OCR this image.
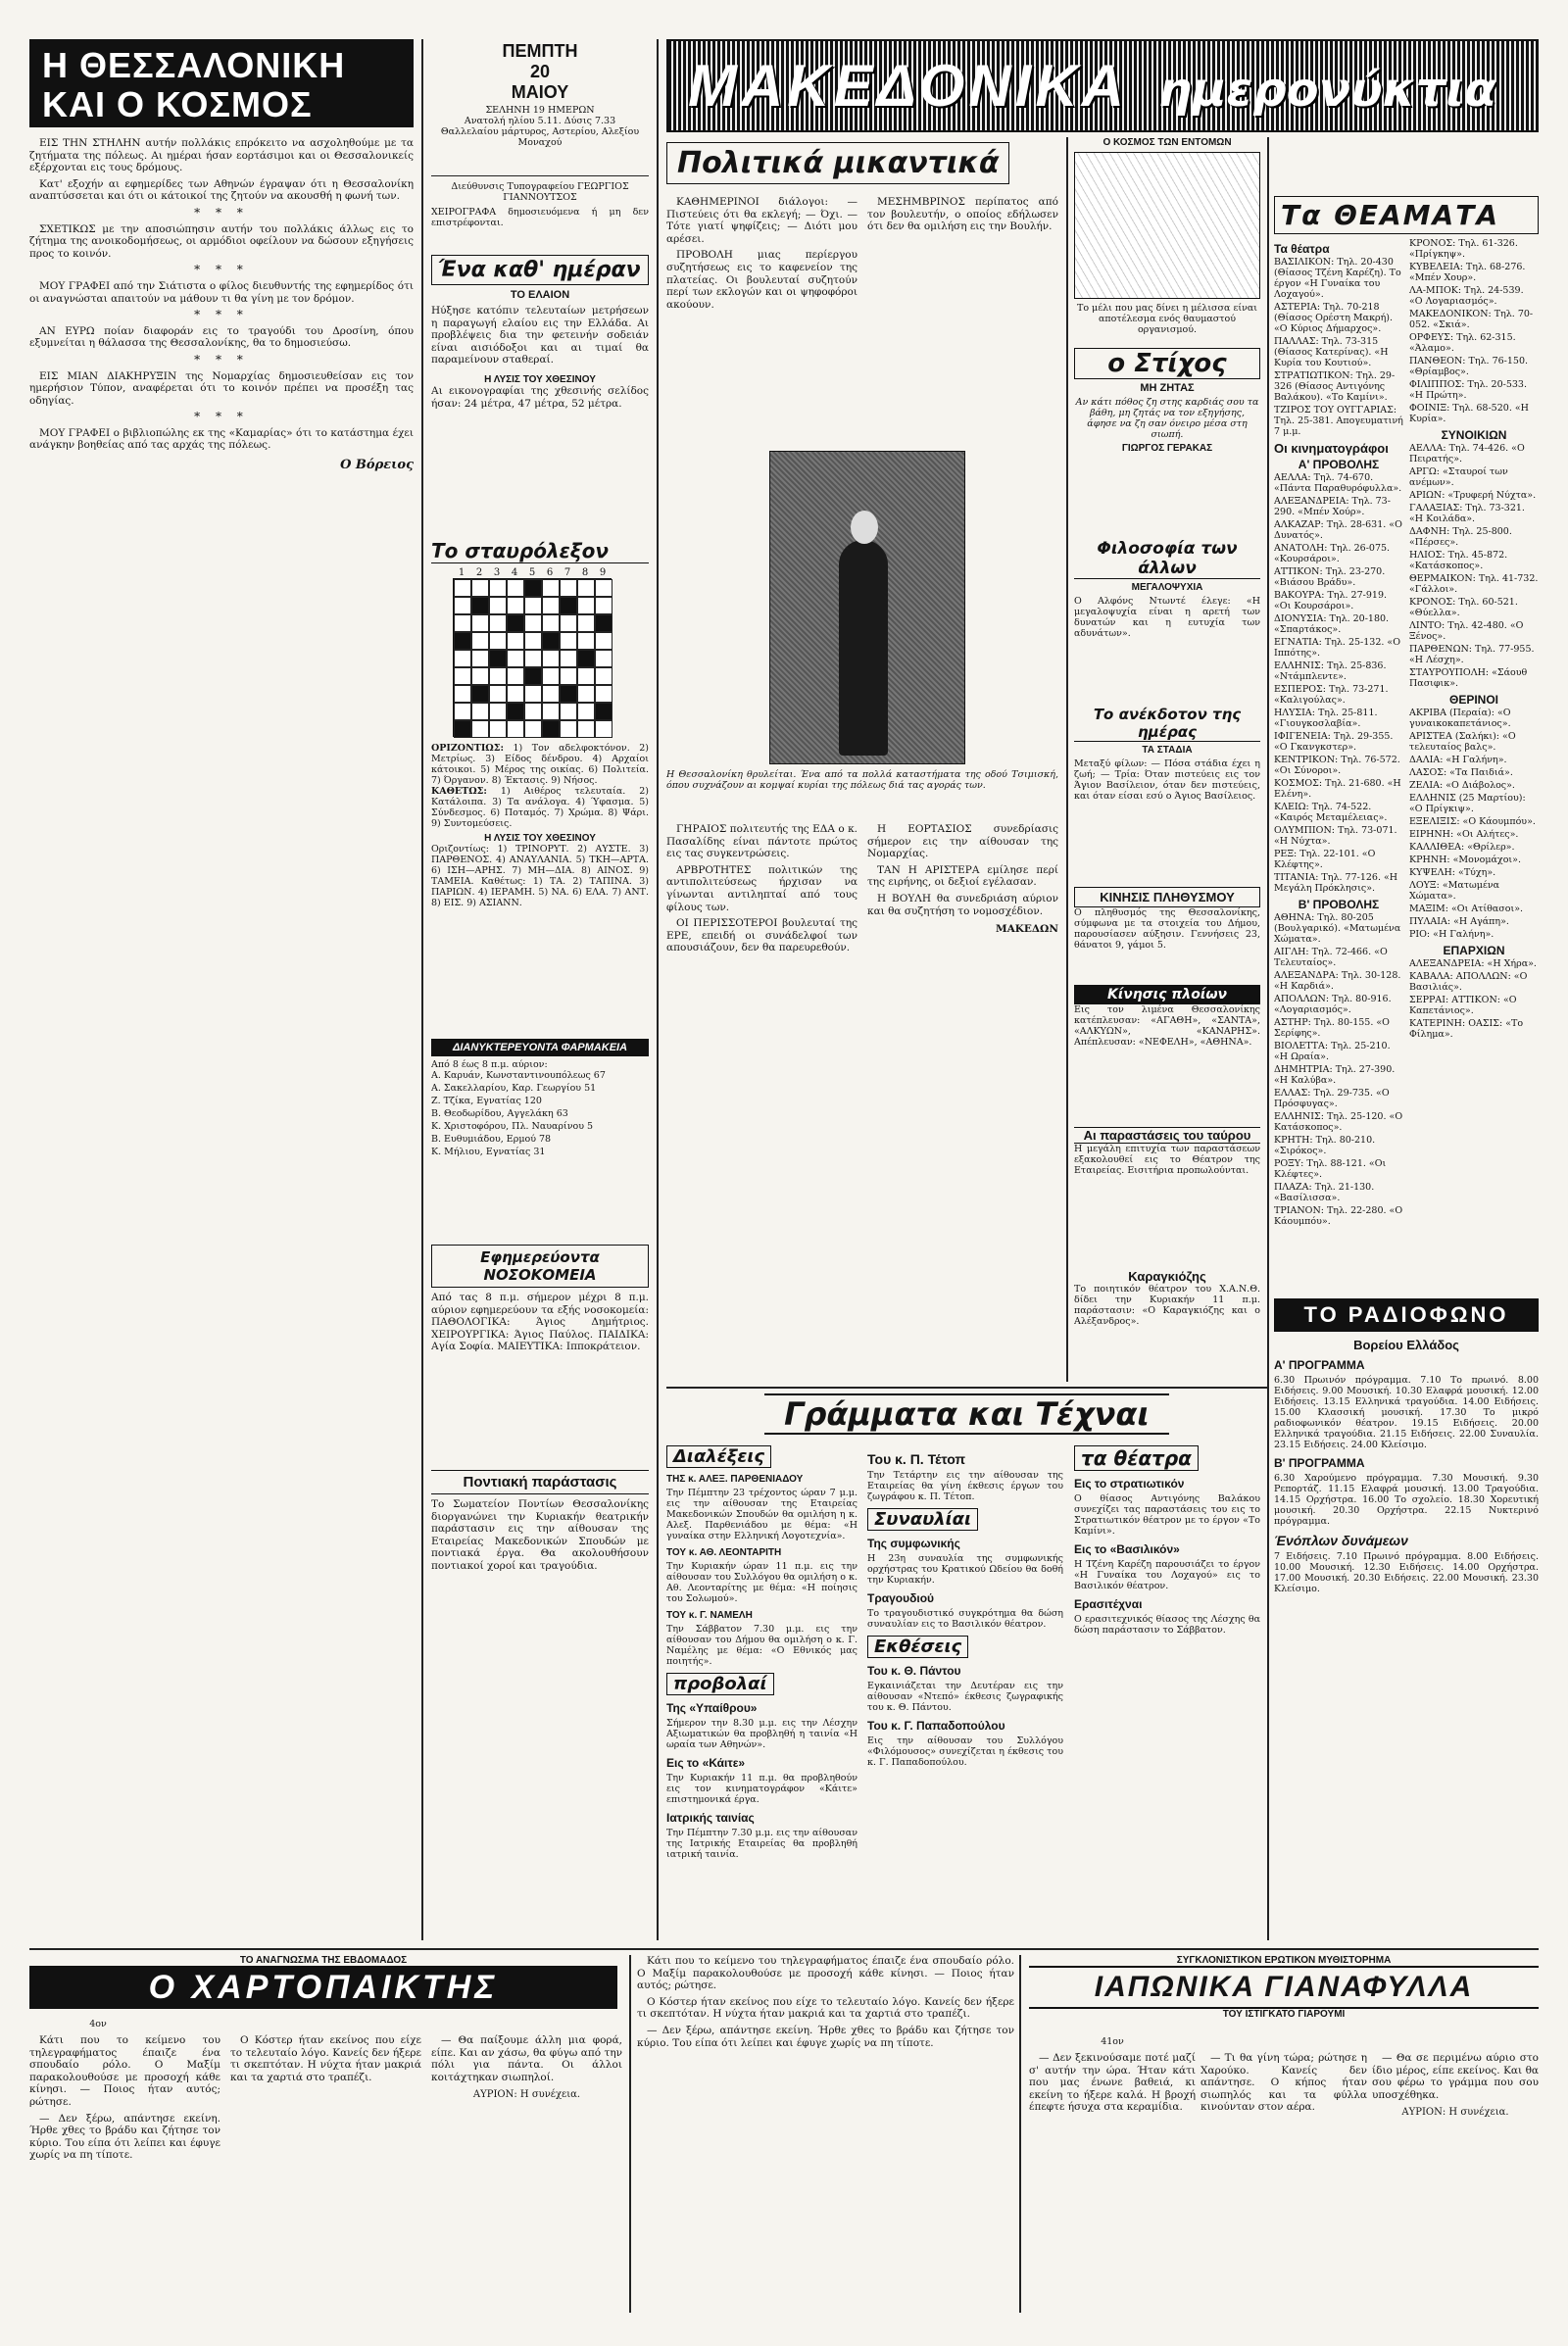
Η ΘΕΣΣΑΛΟΝΙΚΗ
ΚΑΙ Ο ΚΟΣΜΟΣ

ΕΙΣ ΤΗΝ ΣΤΗΛΗΝ αυτήν πολλάκις επρόκειτο να ασχοληθούμε με τα ζητήματα της πόλεως. Αι ημέραι ήσαν εορτάσιμοι και οι Θεσσαλονικείς εξέρχονται εις τους δρόμους.

Κατ' εξοχήν αι εφημερίδες των Αθηνών έγραψαν ότι η Θεσσαλονίκη αναπτύσσεται και ότι οι κάτοικοί της ζητούν να ακουσθή η φωνή των.

* * *

ΣΧΕΤΙΚΩΣ με την αποσιώπησιν αυτήν του πολλάκις άλλως εις το ζήτημα της ανοικοδομήσεως, οι αρμόδιοι οφείλουν να δώσουν εξηγήσεις προς το κοινόν.

* * *

ΜΟΥ ΓΡΑΦΕΙ από την Σιάτιστα ο φίλος διευθυντής της εφημερίδος ότι οι αναγνώσται απαιτούν να μάθουν τι θα γίνη με τον δρόμον.

* * *

ΑΝ ΕΥΡΩ ποίαν διαφοράν εις το τραγούδι του Δροσίνη, όπου εξυμνείται η θάλασσα της Θεσσαλονίκης, θα το δημοσιεύσω.

* * *

ΕΙΣ ΜΙΑΝ ΔΙΑΚΗΡΥΞΙΝ της Νομαρχίας δημοσιευθείσαν εις τον ημερήσιον Τύπον, αναφέρεται ότι το κοινόν πρέπει να προσέξη τας οδηγίας.

* * *

ΜΟΥ ΓΡΑΦΕΙ ο βιβλιοπώλης εκ της «Καμαρίας» ότι το κατάστημα έχει ανάγκην βοηθείας από τας αρχάς της πόλεως.

Ο Βόρειος
ΠΕΜΠΤΗ
20
ΜΑΙΟΥ
ΣΕΛΗΝΗ 19 ΗΜΕΡΩΝ
Ανατολή ηλίου 5.11. Δύσις 7.33
Θαλλελαίου μάρτυρος, Αστερίου, Αλεξίου Μοναχού
Διεύθυνσις Τυπογραφείου ΓΕΩΡΓΙΟΣ ΓΙΑΝΝΟΥΤΣΟΣ
ΧΕΙΡΟΓΡΑΦΑ δημοσιευόμενα ή μη δεν επιστρέφονται.
Ένα καθ' ημέραν
ΤΟ ΕΛΑΙΟΝ
Ηύξησε κατόπιν τελευταίων μετρήσεων η παραγωγή ελαίου εις την Ελλάδα. Αι προβλέψεις δια την φετεινήν σοδειάν είναι αισιόδοξοι και αι τιμαί θα παραμείνουν σταθεραί.
Η ΛΥΣΙΣ ΤΟΥ ΧΘΕΣΙΝΟΥ
Αι εικονογραφίαι της χθεσινής σελίδος ήσαν: 24 μέτρα, 47 μέτρα, 52 μέτρα.
Το σταυρόλεξον
1	2	3	4	5	6	7	8	9
ΟΡΙΖΟΝΤΙΩΣ: 1) Τον αδελφοκτόνον. 2) Μετρίως. 3) Είδος δένδρου. 4) Αρχαίοι κάτοικοι. 5) Μέρος της οικίας. 6) Πολιτεία. 7) Όργανον. 8) Έκτασις. 9) Νήσος.
ΚΑΘΕΤΩΣ: 1) Αιθέρος τελευταία. 2) Κατάλοιπα. 3) Τα ανάλογα. 4) Ύφασμα. 5) Σύνδεσμος. 6) Ποταμός. 7) Χρώμα. 8) Ψάρι. 9) Συντομεύσεις.
Η ΛΥΣΙΣ ΤΟΥ ΧΘΕΣΙΝΟΥ
Οριζοντίως: 1) ΤΡΙΝΟΡΥΤ. 2) ΑΥΣΤΕ. 3) ΠΑΡΘΕΝΟΣ. 4) ΑΝΑΥΛΑΝΙΑ. 5) ΤΚΗ—ΑΡΤΑ. 6) ΙΣΗ—ΑΡΗΣ. 7) ΜΗ—ΔΙΑ. 8) ΑΙΝΟΣ. 9) ΤΑΜΕΙΑ. Καθέτως: 1) ΤΑ. 2) ΤΑΠΙΝΑ. 3) ΠΑΡΙΩΝ. 4) ΙΕΡΑΜΗ. 5) ΝΑ. 6) ΕΛΑ. 7) ΑΝΤ. 8) ΕΙΣ. 9) ΑΣΙΑΝΝ.
ΔΙΑΝΥΚΤΕΡΕΥΟΝΤΑ ΦΑΡΜΑΚΕΙΑ
Από 8 έως 8 π.μ. αύριον:
Α. Καρυάν, Κωνσταντινουπόλεως 67
Α. Σακελλαρίου, Καρ. Γεωργίου 51
Ζ. Τζίκα, Εγνατίας 120
Β. Θεοδωρίδου, Αγγελάκη 63
Κ. Χριστοφόρου, Πλ. Ναυαρίνου 5
Β. Ευθυμιάδου, Ερμού 78
Κ. Μήλιου, Εγνατίας 31
Εφημερεύοντα ΝΟΣΟΚΟΜΕΙΑ
Από τας 8 π.μ. σήμερον μέχρι 8 π.μ. αύριον εφημερεύουν τα εξής νοσοκομεία: ΠΑΘΟΛΟΓΙΚΑ: Άγιος Δημήτριος. ΧΕΙΡΟΥΡΓΙΚΑ: Άγιος Παύλος. ΠΑΙΔΙΚΑ: Αγία Σοφία. ΜΑΙΕΥΤΙΚΑ: Ιπποκράτειον.
Ποντιακή παράστασις
Το Σωματείον Ποντίων Θεσσαλονίκης διοργανώνει την Κυριακήν θεατρικήν παράστασιν εις την αίθουσαν της Εταιρείας Μακεδονικών Σπουδών με ποντιακά έργα. Θα ακολουθήσουν ποντιακοί χοροί και τραγούδια.
ΜΑΚΕΔΟΝΙΚΑ ημερονύκτια
Πολιτικά μικαντικά

ΚΑΘΗΜΕΡΙΝΟΙ διάλογοι: — Πιστεύεις ότι θα εκλεγή; — Όχι. — Τότε γιατί ψηφίζεις; — Διότι μου αρέσει.

ΠΡΟΒΟΛΗ μιας περίεργου συζητήσεως εις το καφενείον της πλατείας. Οι βουλευταί συζητούν περί των εκλογών και οι ψηφοφόροι ακούουν.

ΜΕΣΗΜΒΡΙΝΟΣ περίπατος από τον βουλευτήν, ο οποίος εδήλωσεν ότι δεν θα ομιλήση εις την Βουλήν.

Η Θεσσαλονίκη θρυλείται. Ένα από τα πολλά καταστήματα της οδού Τσιμισκή, όπου συχνάζουν αι κομψαί κυρίαι της πόλεως διά τας αγοράς των.

ΓΗΡΑΙΟΣ πολιτευτής της ΕΔΑ ο κ. Πασαλίδης είναι πάντοτε πρώτος εις τας συγκεντρώσεις.

ΑΡΒΡΟΤΗΤΕΣ πολιτικών της αντιπολιτεύσεως ήρχισαν να γίνωνται αντιληπταί από τους φίλους των.

ΟΙ ΠΕΡΙΣΣΟΤΕΡΟΙ βουλευταί της ΕΡΕ, επειδή οι συνάδελφοί των απουσιάζουν, δεν θα παρευρεθούν.

Η ΕΟΡΤΑΣΙΟΣ συνεδρίασις σήμερον εις την αίθουσαν της Νομαρχίας.

ΤΑΝ Η ΑΡΙΣΤΕΡΑ εμίλησε περί της ειρήνης, οι δεξιοί εγέλασαν.

Η ΒΟΥΛΗ θα συνεδριάση αύριον και θα συζητήση το νομοσχέδιον.

ΜΑΚΕΔΩΝ
Ο ΚΟΣΜΟΣ ΤΩΝ ΕΝΤΟΜΩΝ
Το μέλι που μας δίνει η μέλισσα είναι αποτέλεσμα ενός θαυμαστού οργανισμού.
ο Στίχος
ΜΗ ΖΗΤΑΣ
Αν κάτι πόθος ζη στης καρδιάς σου τα βάθη, μη ζητάς να τον εξηγήσης, άφησε να ζη σαν όνειρο μέσα στη σιωπή.
ΓΙΩΡΓΟΣ ΓΕΡΑΚΑΣ
Φιλοσοφία των άλλων
ΜΕΓΑΛΟΨΥΧΙΑ
Ο Αλφόνς Ντωντέ έλεγε: «Η μεγαλοψυχία είναι η αρετή των δυνατών και η ευτυχία των αδυνάτων».
Το ανέκδοτον της ημέρας
ΤΑ ΣΤΑΔΙΑ
Μεταξύ φίλων: — Πόσα στάδια έχει η ζωή; — Τρία: Όταν πιστεύεις εις τον Άγιον Βασίλειον, όταν δεν πιστεύεις, και όταν είσαι εσύ ο Άγιος Βασίλειος.
ΚΙΝΗΣΙΣ ΠΛΗΘΥΣΜΟΥ
Ο πληθυσμός της Θεσσαλονίκης, σύμφωνα με τα στοιχεία του Δήμου, παρουσίασεν αύξησιν. Γεννήσεις 23, θάνατοι 9, γάμοι 5.
Κίνησις πλοίων
Εις τον λιμένα Θεσσαλονίκης κατέπλευσαν: «ΑΓΑΘΗ», «ΣΑΝΤΑ», «ΑΛΚΥΩΝ», «ΚΑΝΑΡΗΣ». Απέπλευσαν: «ΝΕΦΕΛΗ», «ΑΘΗΝΑ».
Αι παραστάσεις του ταύρου
Η μεγάλη επιτυχία των παραστάσεων εξακολουθεί εις το Θέατρον της Εταιρείας. Εισιτήρια προπωλούνται.
Καραγκιόζης
Το ποιητικόν θέατρον του Χ.Α.Ν.Θ. δίδει την Κυριακήν 11 π.μ. παράστασιν: «Ο Καραγκιόζης και ο Αλέξανδρος».
Τα ΘΕΑΜΑΤΑ
Τα θέατρα
ΒΑΣΙΛΙΚΟΝ: Τηλ. 20-430 (Θίασος Τζένη Καρέζη). Το έργον «Η Γυναίκα του Λοχαγού».
ΑΣΤΕΡΙΑ: Τηλ. 70-218 (Θίασος Ορέστη Μακρή). «Ο Κύριος Δήμαρχος».
ΠΑΛΛΑΣ: Τηλ. 73-315 (Θίασος Κατερίνας). «Η Κυρία του Κουτιού».
ΣΤΡΑΤΙΩΤΙΚΟΝ: Τηλ. 29-326 (Θίασος Αντιγόνης Βαλάκου). «Το Καμίνι».
ΤΖΙΡΟΣ ΤΟΥ ΟΥΓΓΑΡΙΑΣ: Τηλ. 25-381. Απογευματινή 7 μ.μ.
Οι κινηματογράφοι
Α' ΠΡΟΒΟΛΗΣ
ΑΕΛΛΑ: Τηλ. 74-670. «Πάντα Παραθυρόφυλλα».
ΑΛΕΞΑΝΔΡΕΙΑ: Τηλ. 73-290. «Μπέν Χούρ».
ΑΛΚΑΖΑΡ: Τηλ. 28-631. «Ο Δυνατός».
ΑΝΑΤΟΛΗ: Τηλ. 26-075. «Κουρσάροι».
ΑΤΤΙΚΟΝ: Τηλ. 23-270. «Βιάσου Βράδυ».
ΒΑΚΟΥΡΑ: Τηλ. 27-919. «Οι Κουρσάροι».
ΔΙΟΝΥΣΙΑ: Τηλ. 20-180. «Σπαρτάκος».
ΕΓΝΑΤΙΑ: Τηλ. 25-132. «Ο Ιππότης».
ΕΛΛΗΝΙΣ: Τηλ. 25-836. «Ντάμπλεντε».
ΕΣΠΕΡΟΣ: Τηλ. 73-271. «Καλιγούλας».
ΗΛΥΣΙΑ: Τηλ. 25-811. «Γιουγκοσλαβία».
ΙΦΙΓΕΝΕΙΑ: Τηλ. 29-355. «Ο Γκανγκστερ».
ΚΕΝΤΡΙΚΟΝ: Τηλ. 76-572. «Οι Σύνοροι».
ΚΟΣΜΟΣ: Τηλ. 21-680. «Η Ελένη».
ΚΛΕΙΩ: Τηλ. 74-522. «Καιρός Μεταμέλειας».
ΟΛΥΜΠΙΟΝ: Τηλ. 73-071. «Η Νύχτα».
ΡΕΞ: Τηλ. 22-101. «Ο Κλέφτης».
ΤΙΤΑΝΙΑ: Τηλ. 77-126. «Η Μεγάλη Πρόκλησις».
Β' ΠΡΟΒΟΛΗΣ
ΑΘΗΝΑ: Τηλ. 80-205 (Βουλγαρικό). «Ματωμένα Χώματα».
ΑΙΓΛΗ: Τηλ. 72-466. «Ο Τελευταίος».
ΑΛΕΞΑΝΔΡΑ: Τηλ. 30-128. «Η Καρδιά».
ΑΠΟΛΛΩΝ: Τηλ. 80-916. «Λογαριασμός».
ΑΣΤΗΡ: Τηλ. 80-155. «Ο Σερίφης».
ΒΙΟΛΕΤΤΑ: Τηλ. 25-210. «Η Ωραία».
ΔΗΜΗΤΡΙΑ: Τηλ. 27-390. «Η Καλύβα».
ΕΛΛΑΣ: Τηλ. 29-735. «Ο Πρόσφυγας».
ΕΛΛΗΝΙΣ: Τηλ. 25-120. «Ο Κατάσκοπος».
ΚΡΗΤΗ: Τηλ. 80-210. «Σιρόκος».
ΡΟΞΥ: Τηλ. 88-121. «Οι Κλέφτες».
ΠΛΑΖΑ: Τηλ. 21-130. «Βασίλισσα».
ΤΡΙΑΝΟΝ: Τηλ. 22-280. «Ο Κάουμπόυ».
ΚΡΟΝΟΣ: Τηλ. 61-326. «Πρίγκηψ».
ΚΥΒΕΛΕΙΑ: Τηλ. 68-276. «Μπέν Χουρ».
ΛΑ-ΜΠΟΚ: Τηλ. 24-539. «Ο Λογαριασμός».
ΜΑΚΕΔΟΝΙΚΟΝ: Τηλ. 70-052. «Σκιά».
ΟΡΦΕΥΣ: Τηλ. 62-315. «Άλαμο».
ΠΑΝΘΕΟΝ: Τηλ. 76-150. «Θρίαμβος».
ΦΙΛΙΠΠΟΣ: Τηλ. 20-533. «Η Πρώτη».
ΦΟΙΝΙΞ: Τηλ. 68-520. «Η Κυρία».
ΣΥΝΟΙΚΙΩΝ
ΑΕΛΛΑ: Τηλ. 74-426. «Ο Πειρατής».
ΑΡΓΩ: «Σταυροί των ανέμων».
ΑΡΙΩΝ: «Τρυφερή Νύχτα».
ΓΑΛΑΞΙΑΣ: Τηλ. 73-321. «Η Κοιλάδα».
ΔΑΦΝΗ: Τηλ. 25-800. «Πέρσες».
ΗΛΙΟΣ: Τηλ. 45-872. «Κατάσκοπος».
ΘΕΡΜΑΙΚΟΝ: Τηλ. 41-732. «Γάλλοι».
ΚΡΟΝΟΣ: Τηλ. 60-521. «Θύελλα».
ΛΙΝΤΟ: Τηλ. 42-480. «Ο Ξένος».
ΠΑΡΘΕΝΩΝ: Τηλ. 77-955. «Η Λέσχη».
ΣΤΑΥΡΟΥΠΟΛΗ: «Σάουθ Πασιφικ».
ΘΕΡΙΝΟΙ
ΑΚΡΙΒΑ (Περαία): «Ο γυναικοκαπετάνιος».
ΑΡΙΣΤΕΑ (Σαλήκι): «Ο τελευταίος βαλς».
ΔΑΛΙΑ: «Η Γαλήνη».
ΛΑΣΟΣ: «Τα Παιδιά».
ΖΕΛΙΑ: «Ο Διάβολος».
ΕΛΛΗΝΙΣ (25 Μαρτίου): «Ο Πρίγκιψ».
ΕΞΕΛΙΞΙΣ: «Ο Κάουμπόυ».
ΕΙΡΗΝΗ: «Οι Αλήτες».
ΚΑΛΛΙΘΕΑ: «Θρίλερ».
ΚΡΗΝΗ: «Μονομάχοι».
ΚΥΨΕΛΗ: «Τύχη».
ΛΟΥΞ: «Ματωμένα Χώματα».
ΜΑΞΙΜ: «Οι Ατίθασοι».
ΠΥΛΑΙΑ: «Η Αγάπη».
ΡΙΟ: «Η Γαλήνη».
ΕΠΑΡΧΙΩΝ
ΑΛΕΞΑΝΔΡΕΙΑ: «Η Χήρα».
ΚΑΒΑΛΑ: ΑΠΟΛΛΩΝ: «Ο Βασιλιάς».
ΣΕΡΡΑΙ: ΑΤΤΙΚΟΝ: «Ο Καπετάνιος».
ΚΑΤΕΡΙΝΗ: ΟΑΣΙΣ: «Το Φίλημα».
ΤΟ ΡΑΔΙΟΦΩΝΟ
Βορείου Ελλάδος
Α' ΠΡΟΓΡΑΜΜΑ
6.30 Πρωινόν πρόγραμμα. 7.10 Το πρωινό. 8.00 Ειδήσεις. 9.00 Μουσική. 10.30 Ελαφρά μουσική. 12.00 Ειδήσεις. 13.15 Ελληνικά τραγούδια. 14.00 Ειδήσεις. 15.00 Κλασσική μουσική. 17.30 Το μικρό ραδιοφωνικόν θέατρον. 19.15 Ειδήσεις. 20.00 Ελληνικά τραγούδια. 21.15 Ειδήσεις. 22.00 Συναυλία. 23.15 Ειδήσεις. 24.00 Κλείσιμο.
Β' ΠΡΟΓΡΑΜΜΑ
6.30 Χαρούμενο πρόγραμμα. 7.30 Μουσική. 9.30 Ρεπορτάζ. 11.15 Ελαφρά μουσική. 13.00 Τραγούδια. 14.15 Ορχήστρα. 16.00 Το σχολείο. 18.30 Χορευτική μουσική. 20.30 Ορχήστρα. 22.15 Νυκτερινό πρόγραμμα.
Ένόπλων δυνάμεων
7 Ειδήσεις. 7.10 Πρωινό πρόγραμμα. 8.00 Ειδήσεις. 10.00 Μουσική. 12.30 Ειδήσεις. 14.00 Ορχήστρα. 17.00 Μουσική. 20.30 Ειδήσεις. 22.00 Μουσική. 23.30 Κλείσιμο.
Γράμματα και Τέχναι
Διαλέξεις
ΤΗΣ κ. ΑΛΕΞ. ΠΑΡΘΕΝΙΑΔΟΥ
Την Πέμπτην 23 τρέχοντος ώραν 7 μ.μ. εις την αίθουσαν της Εταιρείας Μακεδονικών Σπουδών θα ομιλήση η κ. Αλεξ. Παρθενιάδου με θέμα: «Η γυναίκα στην Ελληνική Λογοτεχνία».
ΤΟΥ κ. ΑΘ. ΛΕΟΝΤΑΡΙΤΗ
Την Κυριακήν ώραν 11 π.μ. εις την αίθουσαν του Συλλόγου θα ομιλήση ο κ. Αθ. Λεονταρίτης με θέμα: «Η ποίησις του Σολωμού».
ΤΟΥ κ. Γ. ΝΑΜΕΛΗ
Την Σάββατον 7.30 μ.μ. εις την αίθουσαν του Δήμου θα ομιλήση ο κ. Γ. Ναμέλης με θέμα: «Ο Εθνικός μας ποιητής».
προβολαί
Της «Υπαίθρου»
Σήμερον την 8.30 μ.μ. εις την Λέσχην Αξιωματικών θα προβληθή η ταινία «Η ωραία των Αθηνών».
Εις το «Κάιτε»
Την Κυριακήν 11 π.μ. θα προβληθούν εις τον κινηματογράφον «Κάιτε» επιστημονικά έργα.
Ιατρικής ταινίας
Την Πέμπτην 7.30 μ.μ. εις την αίθουσαν της Ιατρικής Εταιρείας θα προβληθή ιατρική ταινία.
Του κ. Π. Τέτοπ
Την Τετάρτην εις την αίθουσαν της Εταιρείας θα γίνη έκθεσις έργων του ζωγράφου κ. Π. Τέτοπ.
Συναυλίαι
Της συμφωνικής
Η 23η συναυλία της συμφωνικής ορχήστρας του Κρατικού Ωδείου θα δοθή την Κυριακήν.
Τραγουδιού
Το τραγουδιστικό συγκρότημα θα δώση συναυλίαν εις το Βασιλικόν θέατρον.
Εκθέσεις
Του κ. Θ. Πάντου
Εγκαινιάζεται την Δευτέραν εις την αίθουσαν «Ντεπό» έκθεσις ζωγραφικής του κ. Θ. Πάντου.
Του κ. Γ. Παπαδοπούλου
Εις την αίθουσαν του Συλλόγου «Φιλόμουσος» συνεχίζεται η έκθεσις του κ. Γ. Παπαδοπούλου.
τα θέατρα
Εις το στρατιωτικόν
Ο θίασος Αντιγόνης Βαλάκου συνεχίζει τας παραστάσεις του εις το Στρατιωτικόν θέατρον με το έργον «Το Καμίνι».
Εις το «Βασιλικόν»
Η Τζένη Καρέζη παρουσιάζει το έργον «Η Γυναίκα του Λοχαγού» εις το Βασιλικόν θέατρον.
Ερασιτέχναι
Ο ερασιτεχνικός θίασος της Λέσχης θα δώση παράστασιν το Σάββατον.
ΤΟ ΑΝΑΓΝΩΣΜΑ ΤΗΣ ΕΒΔΟΜΑΔΟΣ
Ο ΧΑΡΤΟΠΑΙΚΤΗΣ
4ον

Κάτι που το κείμενο του τηλεγραφήματος έπαιζε ένα σπουδαίο ρόλο. Ο Μαξίμ παρακολουθούσε με προσοχή κάθε κίνησι. — Ποιος ήταν αυτός; ρώτησε.

— Δεν ξέρω, απάντησε εκείνη. Ήρθε χθες το βράδυ και ζήτησε τον κύριο. Του είπα ότι λείπει και έφυγε χωρίς να πη τίποτε.

Ο Κόστερ ήταν εκείνος που είχε το τελευταίο λόγο. Κανείς δεν ήξερε τι σκεπτόταν. Η νύχτα ήταν μακριά και τα χαρτιά στο τραπέζι.

— Θα παίξουμε άλλη μια φορά, είπε. Και αν χάσω, θα φύγω από την πόλι για πάντα. Οι άλλοι κοιτάχτηκαν σιωπηλοί.

ΑΥΡΙΟΝ: Η συνέχεια.
ΣΥΓΚΛΟΝΙΣΤΙΚΟΝ ΕΡΩΤΙΚΟΝ ΜΥΘΙΣΤΟΡΗΜΑ
ΙΑΠΩΝΙΚΑ ΓΙΑΝΑΦΥΛΛΑ
ΤΟΥ ΙΣΤΙΓΚΑΤΟ ΓΙΑΡΟΥΜΙ
41ον

— Δεν ξεκινούσαμε ποτέ μαζί σ' αυτήν την ώρα. Ήταν κάτι που μας ένωνε βαθειά, κι εκείνη το ήξερε καλά. Η βροχή έπεφτε ήσυχα στα κεραμίδια.

— Τι θα γίνη τώρα; ρώτησε η Χαρούκο. Κανείς δεν απάντησε. Ο κήπος ήταν σιωπηλός και τα φύλλα κινούνταν στον αέρα.

— Θα σε περιμένω αύριο στο ίδιο μέρος, είπε εκείνος. Και θα σου φέρω το γράμμα που σου υποσχέθηκα.

ΑΥΡΙΟΝ: Η συνέχεια.

Κάτι που το κείμενο του τηλεγραφήματος έπαιζε ένα σπουδαίο ρόλο. Ο Μαξίμ παρακολουθούσε με προσοχή κάθε κίνησι. — Ποιος ήταν αυτός; ρώτησε.

Ο Κόστερ ήταν εκείνος που είχε το τελευταίο λόγο. Κανείς δεν ήξερε τι σκεπτόταν. Η νύχτα ήταν μακριά και τα χαρτιά στο τραπέζι.

— Δεν ξέρω, απάντησε εκείνη. Ήρθε χθες το βράδυ και ζήτησε τον κύριο. Του είπα ότι λείπει και έφυγε χωρίς να πη τίποτε.
